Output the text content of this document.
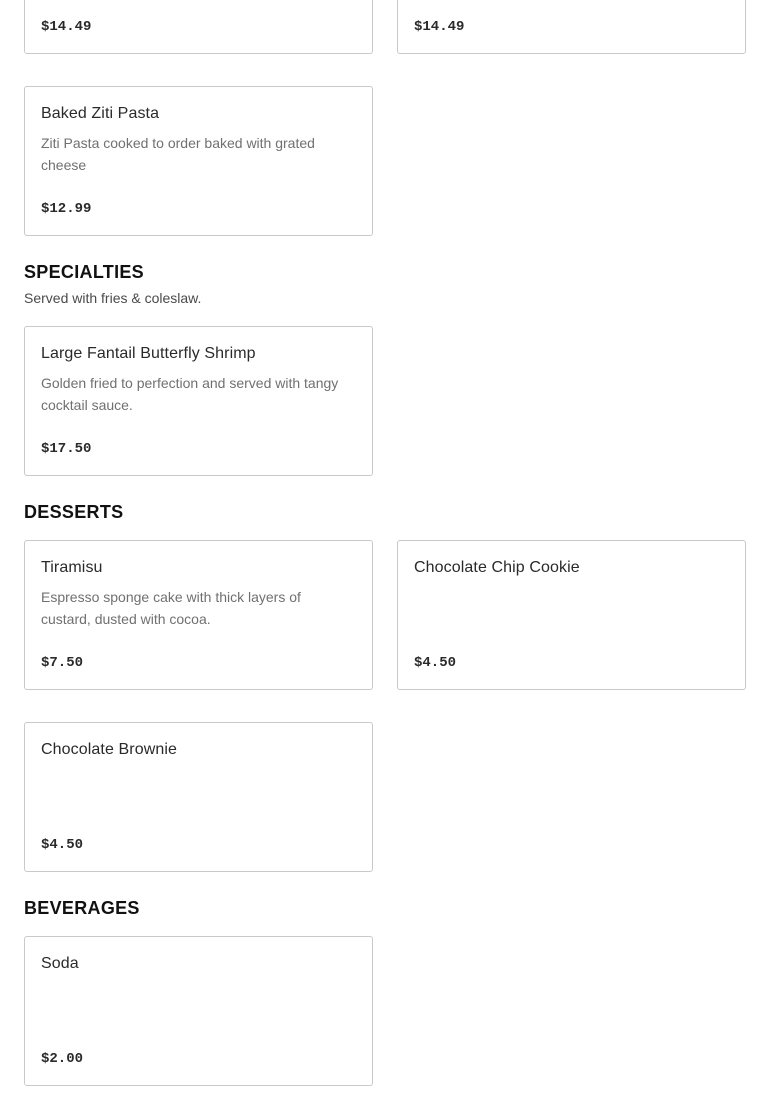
$14.49	$14.49
Baked Ziti Pasta
Ziti Pasta cooked to order baked with grated cheese
$12.99
SPECIALTIES
Served with fries & coleslaw.
Large Fantail Butterfly Shrimp
Golden fried to perfection and served with tangy cocktail sauce.
$17.50
DESSERTS
Tiramisu
Espresso sponge cake with thick layers of custard, dusted with cocoa.
$7.50
Chocolate Chip Cookie
$4.50
Chocolate Brownie
$4.50
BEVERAGES
Soda
$2.00
